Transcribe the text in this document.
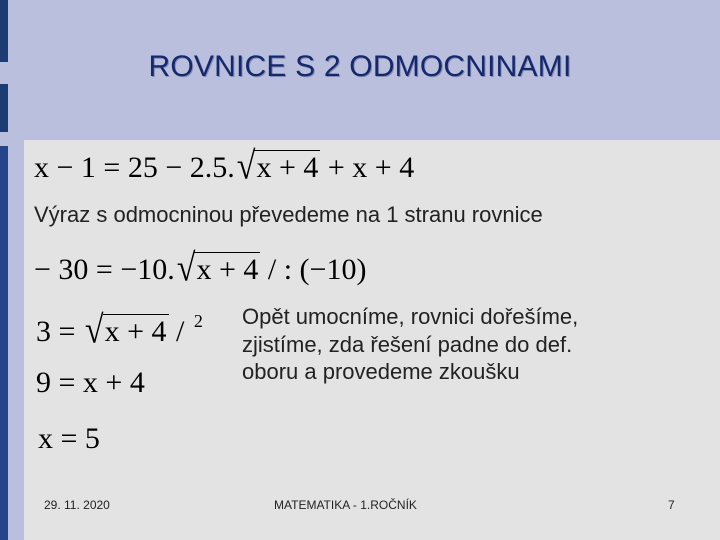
ROVNICE S 2 ODMOCNINAMI
x − 1 = 25 − 2.5.√x + 4 + x + 4
Výraz s odmocninou převedeme na 1 stranu rovnice
− 30 = −10.√x + 4 / : (−10)
3 = √x + 4 / $^2$
9 = x + 4
x = 5
Opět umocníme, rovnici dořešíme,
zjistíme, zda řešení padne do def.
oboru a provedeme zkoušku
29. 11. 2020	MATEMATIKA - 1.ROČNÍK	7
